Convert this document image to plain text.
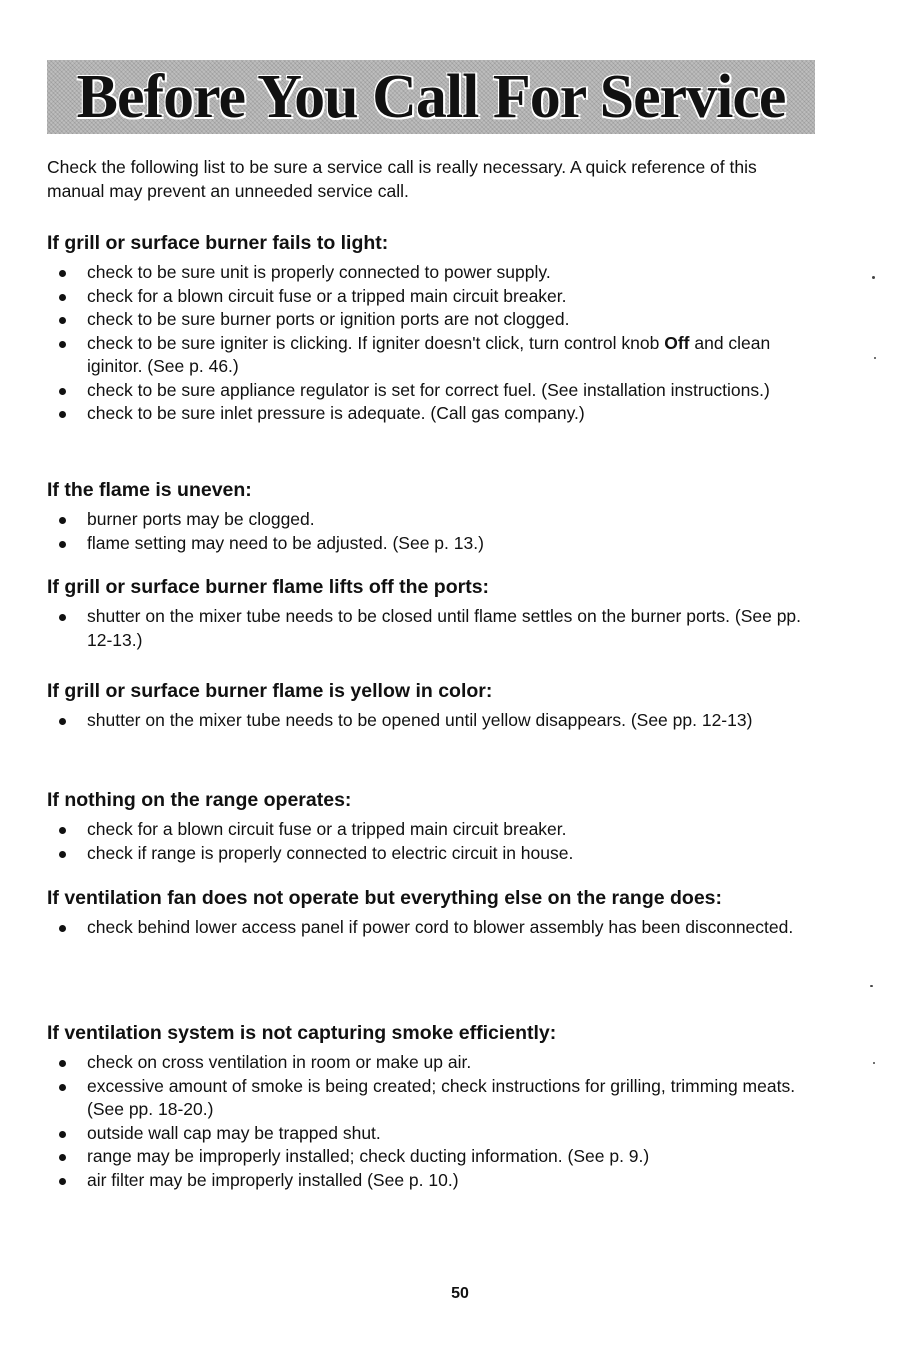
Before You Call For Service

Check the following list to be sure a service call is really necessary. A quick reference of this manual may prevent an unneeded service call.

If grill or surface burner fails to light:
check to be sure unit is properly connected to power supply.
check for a blown circuit fuse or a tripped main circuit breaker.
check to be sure burner ports or ignition ports are not clogged.
check to be sure igniter is clicking. If igniter doesn't click, turn control knob Off and clean iginitor. (See p. 46.)
check to be sure appliance regulator is set for correct fuel. (See installation instructions.)
check to be sure inlet pressure is adequate. (Call gas company.)
If the flame is uneven:
burner ports may be clogged.
flame setting may need to be adjusted. (See p. 13.)
If grill or surface burner flame lifts off the ports:
shutter on the mixer tube needs to be closed until flame settles on the burner ports. (See pp. 12-13.)
If grill or surface burner flame is yellow in color:
shutter on the mixer tube needs to be opened until yellow disappears. (See pp. 12-13)
If nothing on the range operates:
check for a blown circuit fuse or a tripped main circuit breaker.
check if range is properly connected to electric circuit in house.
If ventilation fan does not operate but everything else on the range does:
check behind lower access panel if power cord to blower assembly has been disconnected.
If ventilation system is not capturing smoke efficiently:
check on cross ventilation in room or make up air.
excessive amount of smoke is being created; check instructions for grilling, trimming meats. (See pp. 18-20.)
outside wall cap may be trapped shut.
range may be improperly installed; check ducting information. (See p. 9.)
air filter may be improperly installed (See p. 10.)
50
